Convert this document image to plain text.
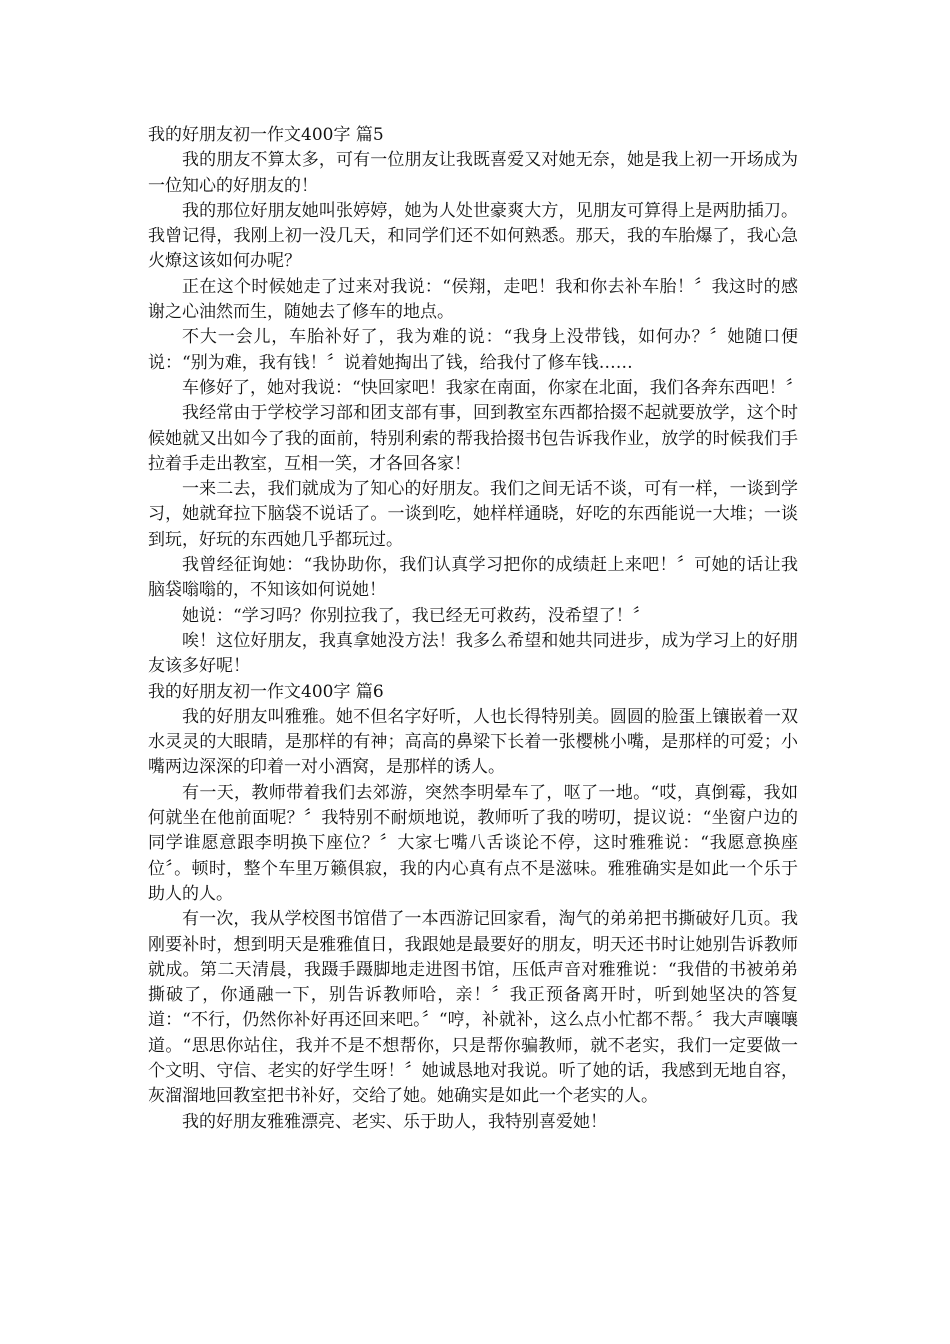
我的好朋友初一作文400字 篇5

我的朋友不算太多，可有一位朋友让我既喜爱又对她无奈，她是我上初一开场成为一位知心的好朋友的！

我的那位好朋友她叫张婷婷，她为人处世豪爽大方，见朋友可算得上是两肋插刀。我曾记得，我刚上初一没几天，和同学们还不如何熟悉。那天，我的车胎爆了，我心急火燎这该如何办呢？

正在这个时候她走了过来对我说：“侯翔，走吧！我和你去补车胎！〞我这时的感谢之心油然而生，随她去了修车的地点。

不大一会儿，车胎补好了，我为难的说：“我身上没带钱，如何办？〞她随口便说：“别为难，我有钱！〞说着她掏出了钱，给我付了修车钱……

车修好了，她对我说：“快回家吧！我家在南面，你家在北面，我们各奔东西吧！〞

我经常由于学校学习部和团支部有事，回到教室东西都拾掇不起就要放学，这个时候她就又出如今了我的面前，特别利索的帮我拾掇书包告诉我作业，放学的时候我们手拉着手走出教室，互相一笑，才各回各家！

一来二去，我们就成为了知心的好朋友。我们之间无话不谈，可有一样，一谈到学习，她就耷拉下脑袋不说话了。一谈到吃，她样样通晓，好吃的东西能说一大堆；一谈到玩，好玩的东西她几乎都玩过。

我曾经征询她：“我协助你，我们认真学习把你的成绩赶上来吧！〞可她的话让我脑袋嗡嗡的，不知该如何说她！

她说：“学习吗？你别拉我了，我已经无可救药，没希望了！〞

唉！这位好朋友，我真拿她没方法！我多么希望和她共同进步，成为学习上的好朋友该多好呢！

我的好朋友初一作文400字 篇6

我的好朋友叫雅雅。她不但名字好听，人也长得特别美。圆圆的脸蛋上镶嵌着一双水灵灵的大眼睛，是那样的有神；高高的鼻梁下长着一张樱桃小嘴，是那样的可爱；小嘴两边深深的印着一对小酒窝，是那样的诱人。

有一天，教师带着我们去郊游，突然李明晕车了，呕了一地。“哎，真倒霉，我如何就坐在他前面呢？〞我特别不耐烦地说，教师听了我的唠叨，提议说：“坐窗户边的同学谁愿意跟李明换下座位？〞大家七嘴八舌谈论不停，这时雅雅说：“我愿意换座位〞。顿时，整个车里万籁俱寂，我的内心真有点不是滋味。雅雅确实是如此一个乐于助人的人。

有一次，我从学校图书馆借了一本西游记回家看，淘气的弟弟把书撕破好几页。我刚要补时，想到明天是雅雅值日，我跟她是最要好的朋友，明天还书时让她别告诉教师就成。第二天清晨，我蹑手蹑脚地走进图书馆，压低声音对雅雅说：“我借的书被弟弟撕破了，你通融一下，别告诉教师哈，亲！〞我正预备离开时，听到她坚决的答复道：“不行，仍然你补好再还回来吧。〞“哼，补就补，这么点小忙都不帮。〞我大声嚷嚷道。“思思你站住，我并不是不想帮你，只是帮你骗教师，就不老实，我们一定要做一个文明、守信、老实的好学生呀！〞她诚恳地对我说。听了她的话，我感到无地自容，灰溜溜地回教室把书补好，交给了她。她确实是如此一个老实的人。

我的好朋友雅雅漂亮、老实、乐于助人，我特别喜爱她！
